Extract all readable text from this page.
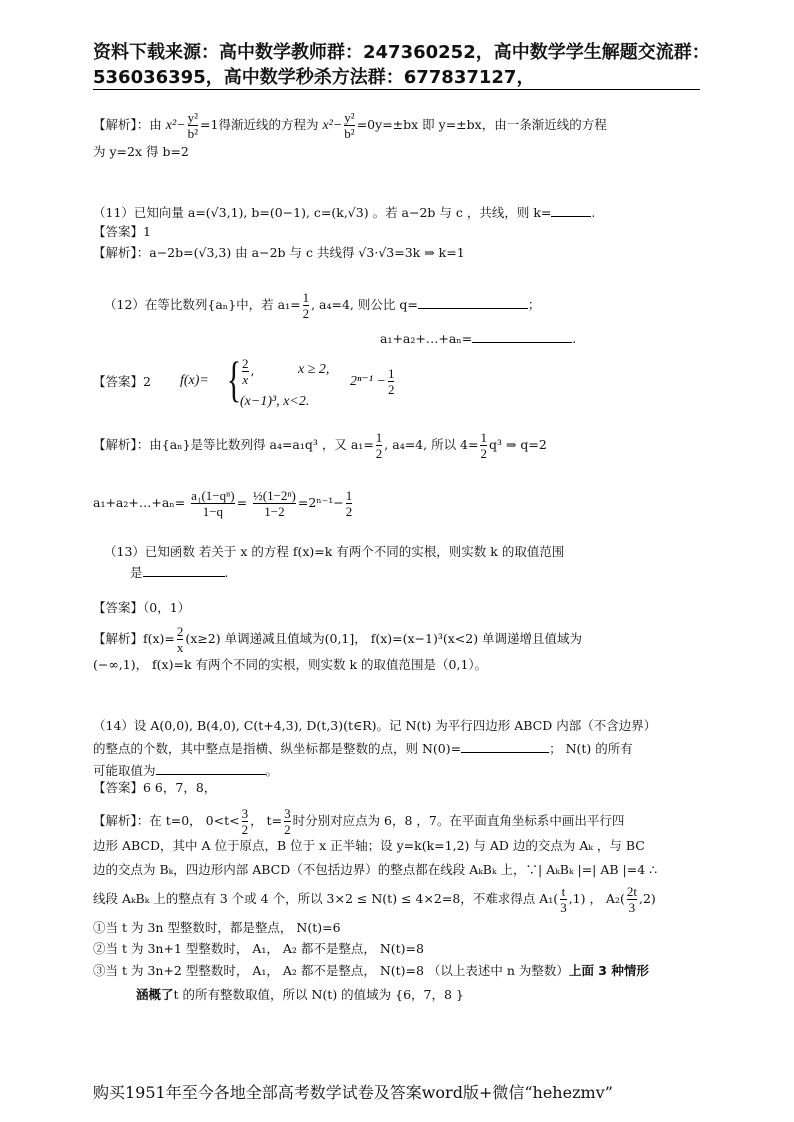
资料下载来源：高中数学教师群：247360252，高中数学学生解题交流群：
536036395，高中数学秒杀方法群：677837127，
【解析】：由 $x^2- \frac{\text{y²}}{\text{b²}} =1$得渐近线的方程为 $x^2- \frac{\text{y²}}{\text{b²}} =0y=\pm bx$ 即 y=±bx，由一条渐近线的方程
为 y=2x 得 b=2
（11）已知向量 a=(√3,1), b=(0−1), c=(k,√3) 。若 a−2b 与 c ，共线，则 k=	.
【答案】1
【解析】：a−2b=(√3,3) 由 a−2b 与 c 共线得 √3·√3=3k ⇒ k=1
（12）在等比数列{aₙ}中，若 $a_1= \frac{1}{2}$ , a₄=4, 则公比 q=	；
a₁+a₂+…+aₙ=	.
【答案】2 f(x)= { $\frac{2}{x}$ ,	x ≥ 2,
(x−1)³, x<2.
$2^{n-1} - \frac{1}{2}$
【解析】：由{aₙ}是等比数列得 a₄=a₁q³ ，又 $a_1= \frac{1}{2}$ , a₄=4, 所以 $4= \frac{1}{2} q^3$ ⇒ q=2
a₁+a₂+…+aₙ= $\frac{\text{a₁(1−qⁿ)}}{1-q} = \frac{\text{½(1−2ⁿ)}}{1-2} =2^{n-1}- \frac{1}{2}$
（13）已知函数 若关于 x 的方程 f(x)=k 有两个不同的实根，则实数 k 的取值范围
是	.
【答案】（0，1）
【解析】$f(x)= \frac{2}{x} (x\ge 2)$ 单调递减且值域为(0,1]， f(x)=(x−1)³(x<2) 单调递增且值域为
(−∞,1)， f(x)=k 有两个不同的实根，则实数 k 的取值范围是（0,1）。
（14）设 A(0,0), B(4,0), C(t+4,3), D(t,3)(t∈R)。记 N(t) 为平行四边形 ABCD 内部（不含边界）
的整点的个数，其中整点是指横、纵坐标都是整数的点，则 N(0)=	； N(t) 的所有
可能取值为	。
【答案】6 6，7，8，
【解析】：在 t=0， $0<t< \frac{3}{2}$ ， $t= \frac{3}{2}$ 时分别对应点为 6，8 ，7。在平面直角坐标系中画出平行四
边形 ABCD，其中 A 位于原点，B 位于 x 正半轴；设 y=k(k=1,2) 与 AD 边的交点为 Aₖ ，与 BC
边的交点为 Bₖ，四边形内部 ABCD（不包括边界）的整点都在线段 AₖBₖ 上，∵| AₖBₖ |=| AB |=4 ∴
线段 AₖBₖ 上的整点有 3 个或 4 个，所以 3×2 ≤ N(t) ≤ 4×2=8，不难求得点 $A_1( \frac{t}{3} ,1)$ ， $A_2( \frac{2t}{3} ,2)$
①当 t 为 3n 型整数时，都是整点， N(t)=6
②当 t 为 3n+1 型整数时， A₁， A₂ 都不是整点， N(t)=8
③当 t 为 3n+2 型整数时， A₁， A₂ 都不是整点， N(t)=8 （以上表述中 n 为整数）上面 3 种情形
涵概了t 的所有整数取值，所以 N(t) 的值域为 {6，7，8 }
购买1951年至今各地全部高考数学试卷及答案word版+微信“hehezmv”
